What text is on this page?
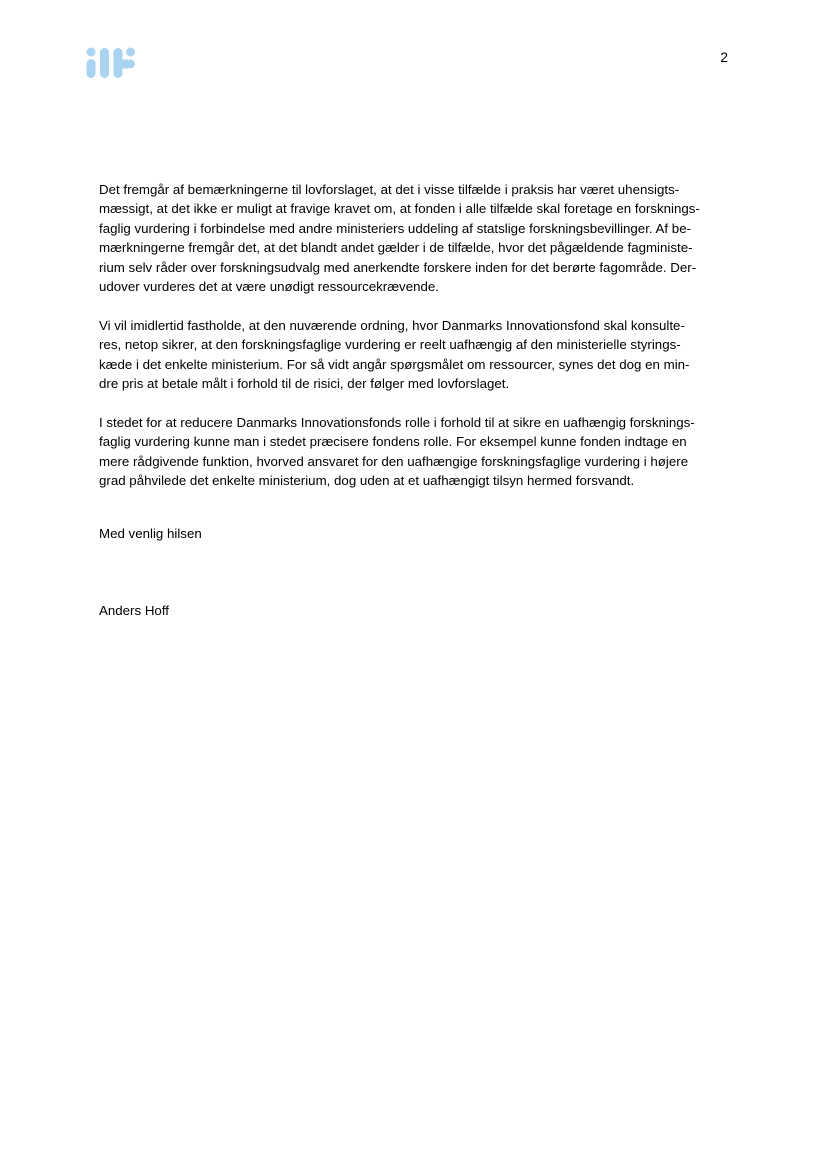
2

Det fremgår af bemærkningerne til lovforslaget, at det i visse tilfælde i praksis har været uhensigts-
mæssigt, at det ikke er muligt at fravige kravet om, at fonden i alle tilfælde skal foretage en forsknings-
faglig vurdering i forbindelse med andre ministeriers uddeling af statslige forskningsbevillinger. Af be-
mærkningerne fremgår det, at det blandt andet gælder i de tilfælde, hvor det pågældende fagministe-
rium selv råder over forskningsudvalg med anerkendte forskere inden for det berørte fagområde. Der-
udover vurderes det at være unødigt ressourcekrævende.

Vi vil imidlertid fastholde, at den nuværende ordning, hvor Danmarks Innovationsfond skal konsulte-
res, netop sikrer, at den forskningsfaglige vurdering er reelt uafhængig af den ministerielle styrings-
kæde i det enkelte ministerium. For så vidt angår spørgsmålet om ressourcer, synes det dog en min-
dre pris at betale målt i forhold til de risici, der følger med lovforslaget.

I stedet for at reducere Danmarks Innovationsfonds rolle i forhold til at sikre en uafhængig forsknings-
faglig vurdering kunne man i stedet præcisere fondens rolle. For eksempel kunne fonden indtage en
mere rådgivende funktion, hvorved ansvaret for den uafhængige forskningsfaglige vurdering i højere
grad påhvilede det enkelte ministerium, dog uden at et uafhængigt tilsyn hermed forsvandt.

Med venlig hilsen
Anders Hoff
